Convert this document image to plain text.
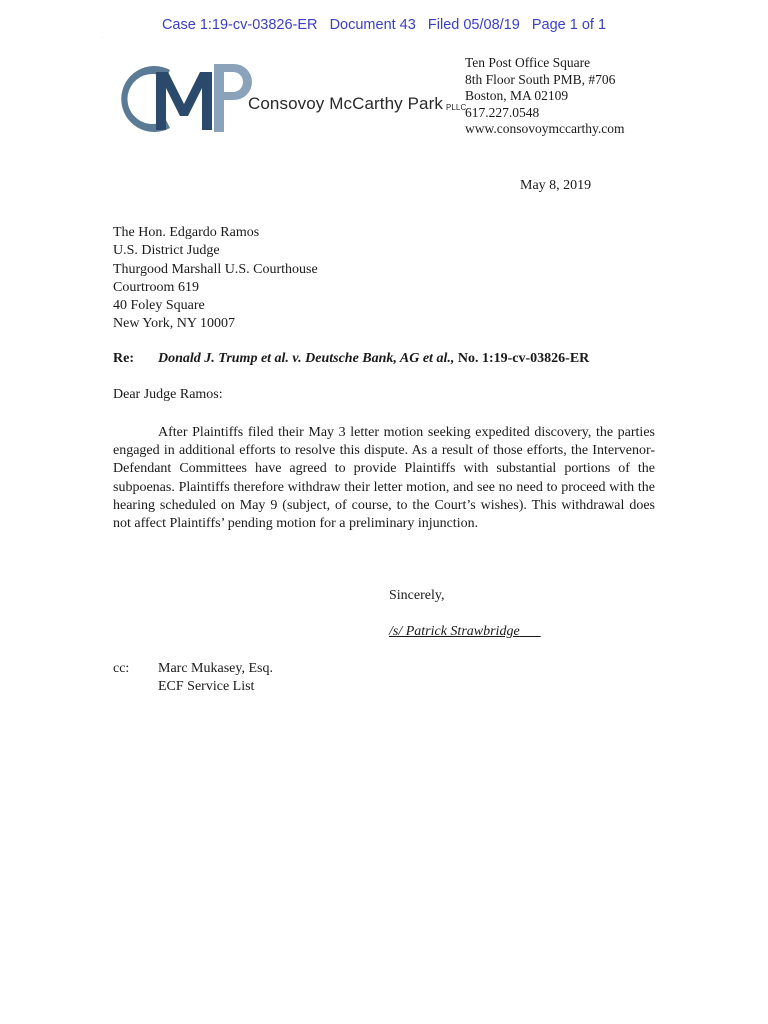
Case 1:19-cv-03826-ER   Document 43   Filed 05/08/19   Page 1 of 1
C
Consovoy McCarthy Park PLLC
Ten Post Office Square
8th Floor South PMB, #706
Boston, MA 02109
617.227.0548
www.consovoymccarthy.com
May 8, 2019
The Hon. Edgardo Ramos
U.S. District Judge
Thurgood Marshall U.S. Courthouse
Courtroom 619
40 Foley Square
New York, NY 10007
Re: Donald J. Trump et al. v. Deutsche Bank, AG et al., No. 1:19-cv-03826-ER
Dear Judge Ramos:
After Plaintiffs filed their May 3 letter motion seeking expedited discovery, the parties engaged in additional efforts to resolve this dispute. As a result of those efforts, the Intervenor-Defendant Committees have agreed to provide Plaintiffs with substantial portions of the subpoenas. Plaintiffs therefore withdraw their letter motion, and see no need to proceed with the hearing scheduled on May 9 (subject, of course, to the Court’s wishes). This withdrawal does not affect Plaintiffs’ pending motion for a preliminary injunction.
Sincerely,
/s/ Patrick Strawbridge
cc: Marc Mukasey, Esq.
ECF Service List
